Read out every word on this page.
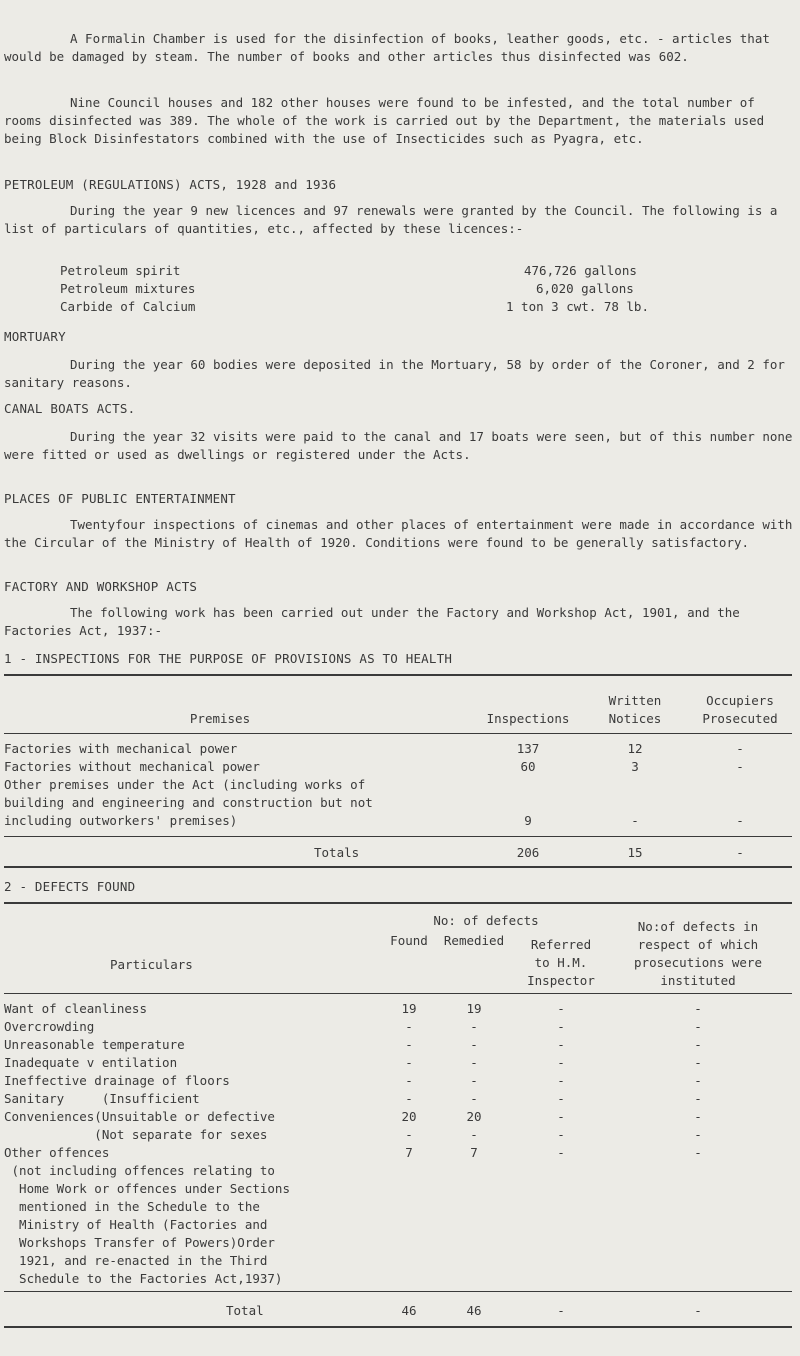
A Formalin Chamber is used for the disinfection of books, leather goods, etc. - articles that would be damaged by steam. The number of books and other articles thus disinfected was 602.

Nine Council houses and 182 other houses were found to be infested, and the total number of rooms disinfected was 389. The whole of the work is carried out by the Department, the materials used being Block Disinfestators combined with the use of Insecticides such as Pyagra, etc.

PETROLEUM (REGULATIONS) ACTS, 1928 and 1936

During the year 9 new licences and 97 renewals were granted by the Council. The following is a list of particulars of quantities, etc., affected by these licences:-

Petroleum spirit	476,726 gallons
Petroleum mixtures	6,020 gallons
Carbide of Calcium	1 ton 3 cwt. 78 lb.
MORTUARY

During the year 60 bodies were deposited in the Mortuary, 58 by order of the Coroner, and 2 for sanitary reasons.

CANAL BOATS ACTS.

During the year 32 visits were paid to the canal and 17 boats were seen, but of this number none were fitted or used as dwellings or registered under the Acts.

PLACES OF PUBLIC ENTERTAINMENT

Twentyfour inspections of cinemas and other places of entertainment were made in accordance with the Circular of the Ministry of Health of 1920. Conditions were found to be generally satisfactory.

FACTORY AND WORKSHOP ACTS

The following work has been carried out under the Factory and Workshop Act, 1901, and the Factories Act, 1937:-

1 - INSPECTIONS FOR THE PURPOSE OF PROVISIONS AS TO HEALTH
Premises	Inspections
Written
Notices
Occupiers
Prosecuted
Factories with mechanical power	137	12	-
Factories without mechanical power	60	3	-
Other premises under the Act (including works of
building and engineering and construction but not
including outworkers' premises)	9	-	-
Totals	206	15	-
2 - DEFECTS FOUND
No: of defects
Found	Remedied	Referred
to H.M.
Inspector
No:of defects in
respect of which
prosecutions were
instituted
Particulars
Want of cleanliness	19	19	-	-
Overcrowding	-	-	-	-
Unreasonable temperature	-	-	-	-
Inadequate v entilation	-	-	-	-
Ineffective drainage of floors	-	-	-	-
Sanitary     (Insufficient	-	-	-	-
Conveniences(Unsuitable or defective	20	20	-	-
(Not separate for sexes	-	-	-	-
Other offences	7	7	-	-
(not including offences relating to
Home Work or offences under Sections
mentioned in the Schedule to the
Ministry of Health (Factories and
Workshops Transfer of Powers)Order
1921, and re-enacted in the Third
Schedule to the Factories Act,1937)
Total	46	46	-	-
